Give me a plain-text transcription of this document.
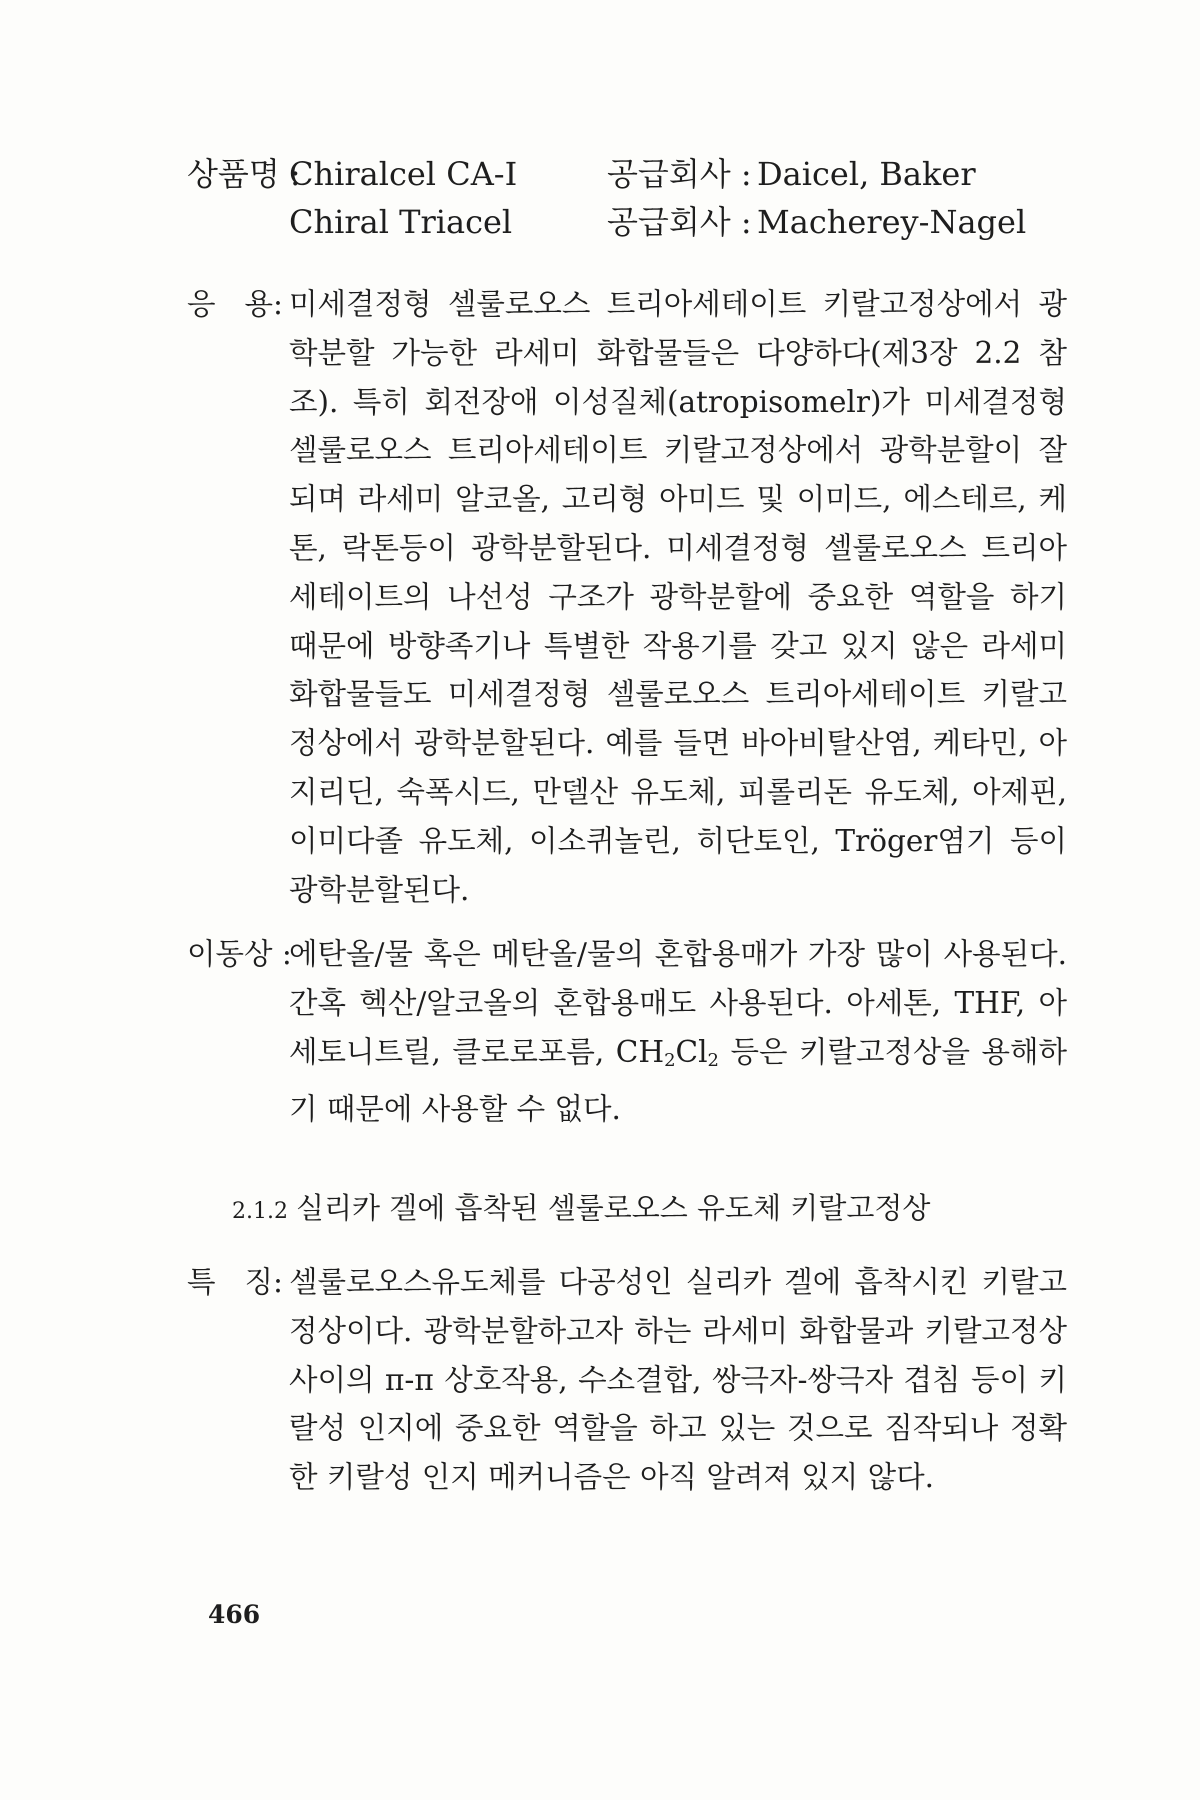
상품명 :
Chiralcel CA-Ⅰ	공급회사 : Daicel, Baker
Chiral Triacel	공급회사 : Macherey-Nagel
응 용: 미세결정형 셀룰로오스 트리아세테이트 키랄고정상에서 광학분할 가능한 라세미 화합물들은 다양하다(제3장 2.2 참조). 특히 회전장애 이성질체(atropisomelr)가 미세결정형 셀룰로오스 트리아세테이트 키랄고정상에서 광학분할이 잘되며 라세미 알코올, 고리형 아미드 및 이미드, 에스테르, 케톤, 락톤등이 광학분할된다. 미세결정형 셀룰로오스 트리아세테이트의 나선성 구조가 광학분할에 중요한 역할을 하기 때문에 방향족기나 특별한 작용기를 갖고 있지 않은 라세미 화합물들도 미세결정형 셀룰로오스 트리아세테이트 키랄고정상에서 광학분할된다. 예를 들면 바아비탈산염, 케타민, 아지리딘, 숙폭시드, 만델산 유도체, 피롤리돈 유도체, 아제핀, 이미다졸 유도체, 이소퀴놀린, 히단토인, Tröger염기 등이 광학분할된다.
이동상 :
에탄올/물 혹은 메탄올/물의 혼합용매가 가장 많이 사용된다. 간혹 헥산/알코올의 혼합용매도 사용된다. 아세톤, THF, 아세토니트릴, 클로로포름, $CH_2Cl_2$ 등은 키랄고정상을 용해하기 때문에 사용할 수 없다.
2.1.2 실리카 겔에 흡착된 셀룰로오스 유도체 키랄고정상
특 징: 셀룰로오스유도체를 다공성인 실리카 겔에 흡착시킨 키랄고정상이다. 광학분할하고자 하는 라세미 화합물과 키랄고정상 사이의 π-π 상호작용, 수소결합, 쌍극자-쌍극자 겹침 등이 키랄성 인지에 중요한 역할을 하고 있는 것으로 짐작되나 정확한 키랄성 인지 메커니즘은 아직 알려져 있지 않다.
466
